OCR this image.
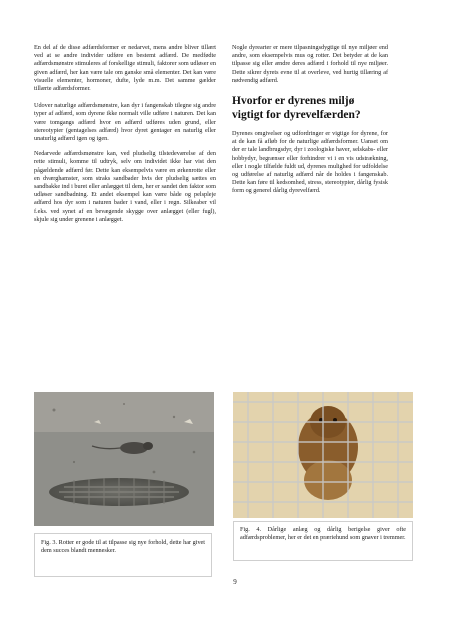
En del af de disse adfærdsformer er nedarvet, mens andre bliver tillært ved at se andre individer udføre en bestemt adfærd. De medfødte adfærdsmønstre stimuleres af forskellige stimuli, faktorer som udløser en given adfærd, her kan være tale om ganske små elementer. Det kan være visuelle elementer, hormoner, dufte, lyde m.m. Det samme gælder tillærte adfærdsformer.

Udover naturlige adfærdsmønstre, kan dyr i fangenskab tilegne sig andre typer af adfærd, som dyrene ikke normalt ville udføre i naturen. Det kan være tomgangs adfærd hvor en adfærd udføres uden grund, eller stereotypier (gentagelses adfærd) hvor dyret gentager en naturlig eller unaturlig adfærd igen og igen.

Nedarvede adfærdsmønstre kan, ved pludselig tilstedeværelse af den rette stimuli, komme til udtryk, selv om individet ikke har vist den pågældende adfærd før. Dette kan eksempelvis være en ørkenrotte eller en dværghamster, som straks sandbader hvis der pludselig sættes en sandbakke ind i buret eller anlægget til dem, her er sandet den faktor som udløser sandbadning. Et andet eksempel kan være både og pelsplejе adfærd hos dyr som i naturen bader i vand, eller i regn. Silkeaber vil f.eks. ved synet af en bevægende skygge over anlægget (eller fugl), skjule sig under grenene i anlægget.

Nogle dyrearter er mere tilpasningsdygtige til nye miljøer end andre, som eksempelvis mus og rotter. Det betyder at de kan tilpasse sig eller ændre deres adfærd i forhold til nye miljøer. Dette sikrer dyrets evne til at overleve, ved hurtig tillæring af nødvendig adfærd.

Hvorfor er dyrenes miljø vigtigt for dyrevelfærden?

Dyrenes omgivelser og udfordringer er vigtige for dyrene, for at de kan få afløb for de naturlige adfærdsformer. Uanset om der er tale landbrugsdyr, dyr i zoologiske haver, selskabs- eller hobbydyr, begrænser eller forhindrer vi i en vis udstrækning, eller i nogle tilfælde fuldt ud, dyrenes mulighed for udfoldelse og udførelse af naturlig adfærd når de holdes i fangenskab. Dette kan føre til kedsomhed, stress, stereotypier, dårlig fysisk form og generel dårlig dyrevelfærd.

Fig. 3. Rotter er gode til at tilpasse sig nye forhold, dette har givet dem succes blandt mennesker.
Fig. 4. Dårlige anlæg og dårlig berigelse giver ofte adfærdsproblemer, her er det en præriehund som gnaver i tremmer.
9
